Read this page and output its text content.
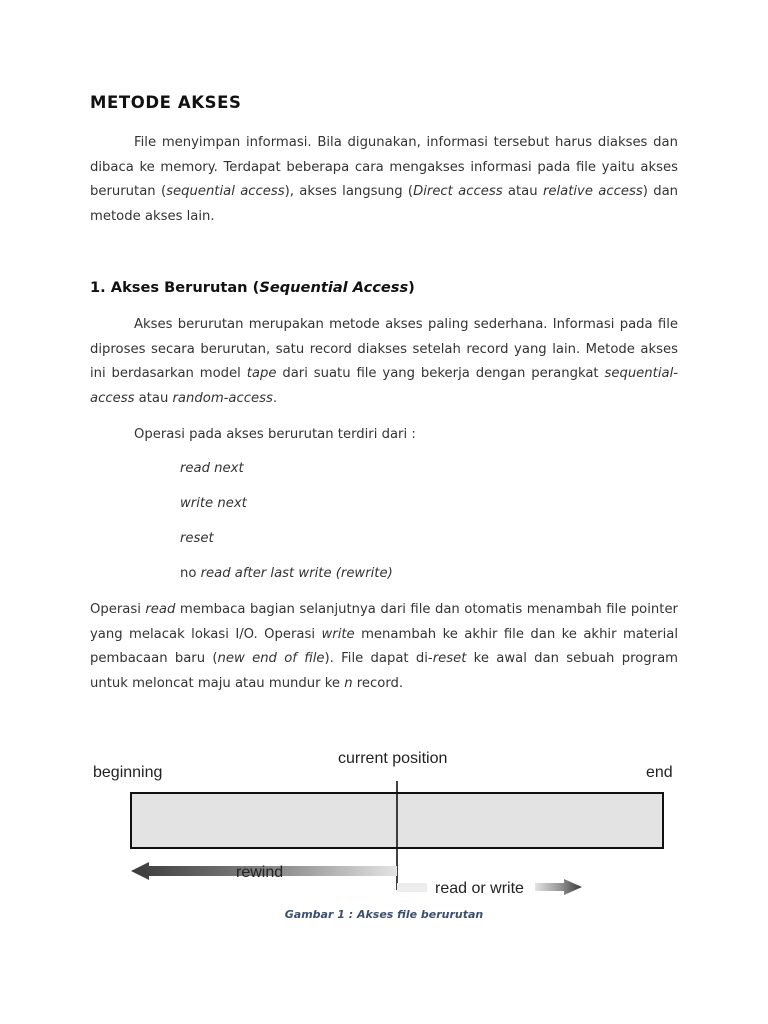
METODE AKSES
File menyimpan informasi. Bila digunakan, informasi tersebut harus diakses dan dibaca ke memory. Terdapat beberapa cara mengakses informasi pada file yaitu akses berurutan (sequential access), akses langsung (Direct access atau relative access) dan metode akses lain.
1. Akses Berurutan (Sequential Access)
Akses berurutan merupakan metode akses paling sederhana. Informasi pada file diproses secara berurutan, satu record diakses setelah record yang lain. Metode akses ini berdasarkan model tape dari suatu file yang bekerja dengan perangkat sequential-access atau random-access.
Operasi pada akses berurutan terdiri dari :
read next
write next
reset
no read after last write (rewrite)
Operasi read membaca bagian selanjutnya dari file dan otomatis menambah file pointer yang melacak lokasi I/O. Operasi write menambah ke akhir file dan ke akhir material pembacaan baru (new end of file). File dapat di-reset ke awal dan sebuah program untuk meloncat maju atau mundur ke n record.
beginning
current position
end
rewind
read or write
Gambar 1 : Akses file berurutan
